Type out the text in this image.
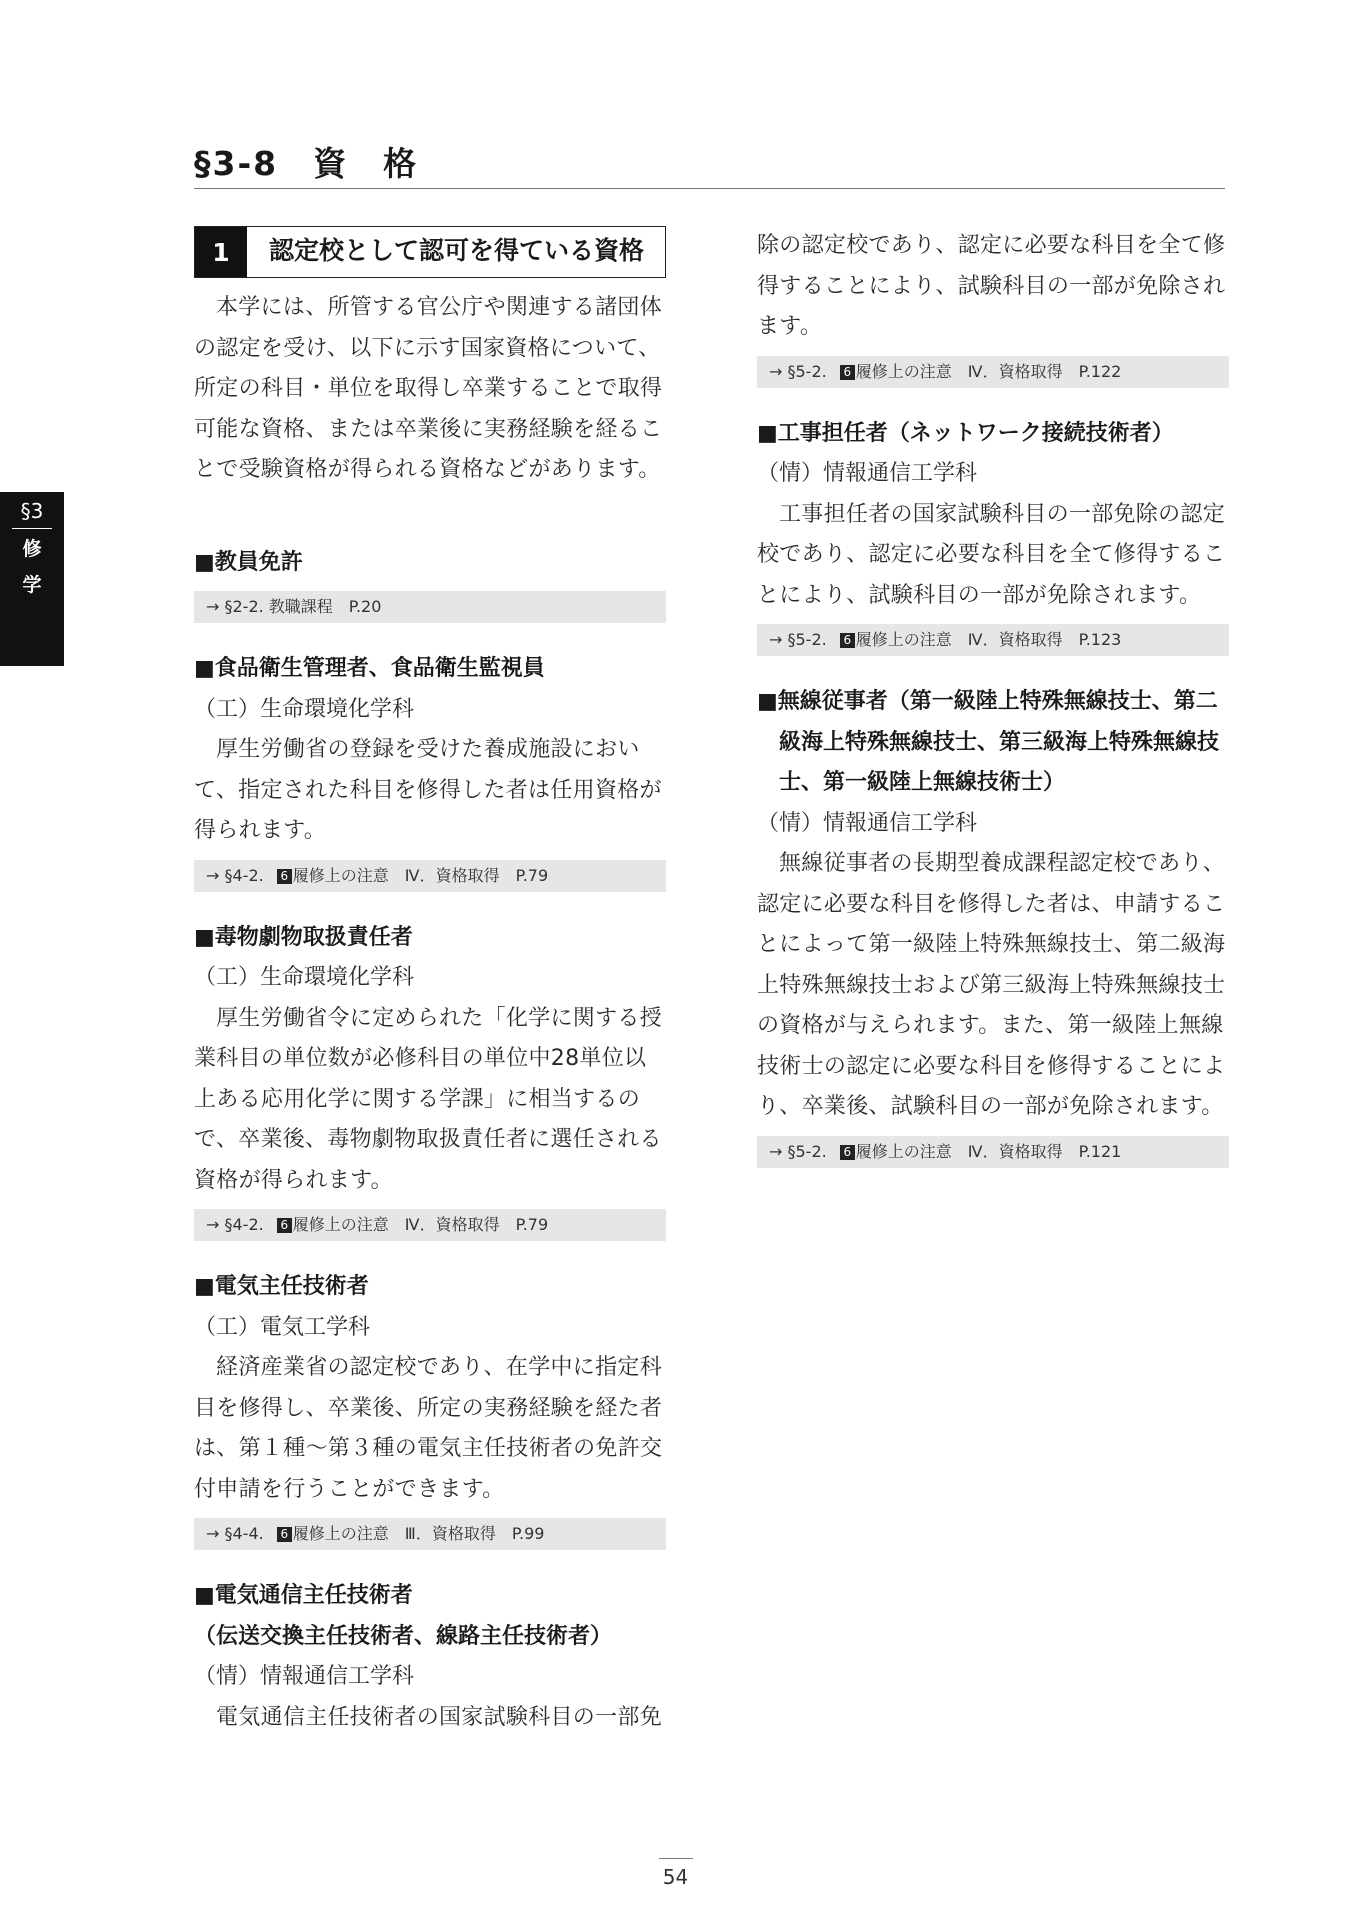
§3
修
学
§3-8　資　格
1	認定校として認可を得ている資格

本学には、所管する官公庁や関連する諸団体の認定を受け、以下に示す国家資格について、所定の科目・単位を取得し卒業することで取得可能な資格、または卒業後に実務経験を経ることで受験資格が得られる資格などがあります。

■教員免許
→ §2-2. 教職課程　P.20
■食品衛生管理者、食品衛生監視員
（工）生命環境化学科

厚生労働省の登録を受けた養成施設において、指定された科目を修得した者は任用資格が得られます。

→ §4-2. 6 履修上の注意　Ⅳ．資格取得　P.79
■毒物劇物取扱責任者
（工）生命環境化学科

厚生労働省令に定められた「化学に関する授業科目の単位数が必修科目の単位中28単位以上ある応用化学に関する学課」に相当するので、卒業後、毒物劇物取扱責任者に選任される資格が得られます。

→ §4-2. 6 履修上の注意　Ⅳ．資格取得　P.79
■電気主任技術者
（工）電気工学科

経済産業省の認定校であり、在学中に指定科目を修得し、卒業後、所定の実務経験を経た者は、第１種～第３種の電気主任技術者の免許交付申請を行うことができます。

→ §4-4. 6 履修上の注意　Ⅲ．資格取得　P.99
■電気通信主任技術者
（伝送交換主任技術者、線路主任技術者）
（情）情報通信工学科

電気通信主任技術者の国家試験科目の一部免

除の認定校であり、認定に必要な科目を全て修得することにより、試験科目の一部が免除されます。

→ §5-2. 6 履修上の注意　Ⅳ．資格取得　P.122
■工事担任者（ネットワーク接続技術者）
（情）情報通信工学科

工事担任者の国家試験科目の一部免除の認定校であり、認定に必要な科目を全て修得することにより、試験科目の一部が免除されます。

→ §5-2. 6 履修上の注意　Ⅳ．資格取得　P.123
■無線従事者（第一級陸上特殊無線技士、第二級海上特殊無線技士、第三級海上特殊無線技士、第一級陸上無線技術士）
（情）情報通信工学科

無線従事者の長期型養成課程認定校であり、認定に必要な科目を修得した者は、申請することによって第一級陸上特殊無線技士、第二級海上特殊無線技士および第三級海上特殊無線技士の資格が与えられます。また、第一級陸上無線技術士の認定に必要な科目を修得することにより、卒業後、試験科目の一部が免除されます。

→ §5-2. 6 履修上の注意　Ⅳ．資格取得　P.121
54
